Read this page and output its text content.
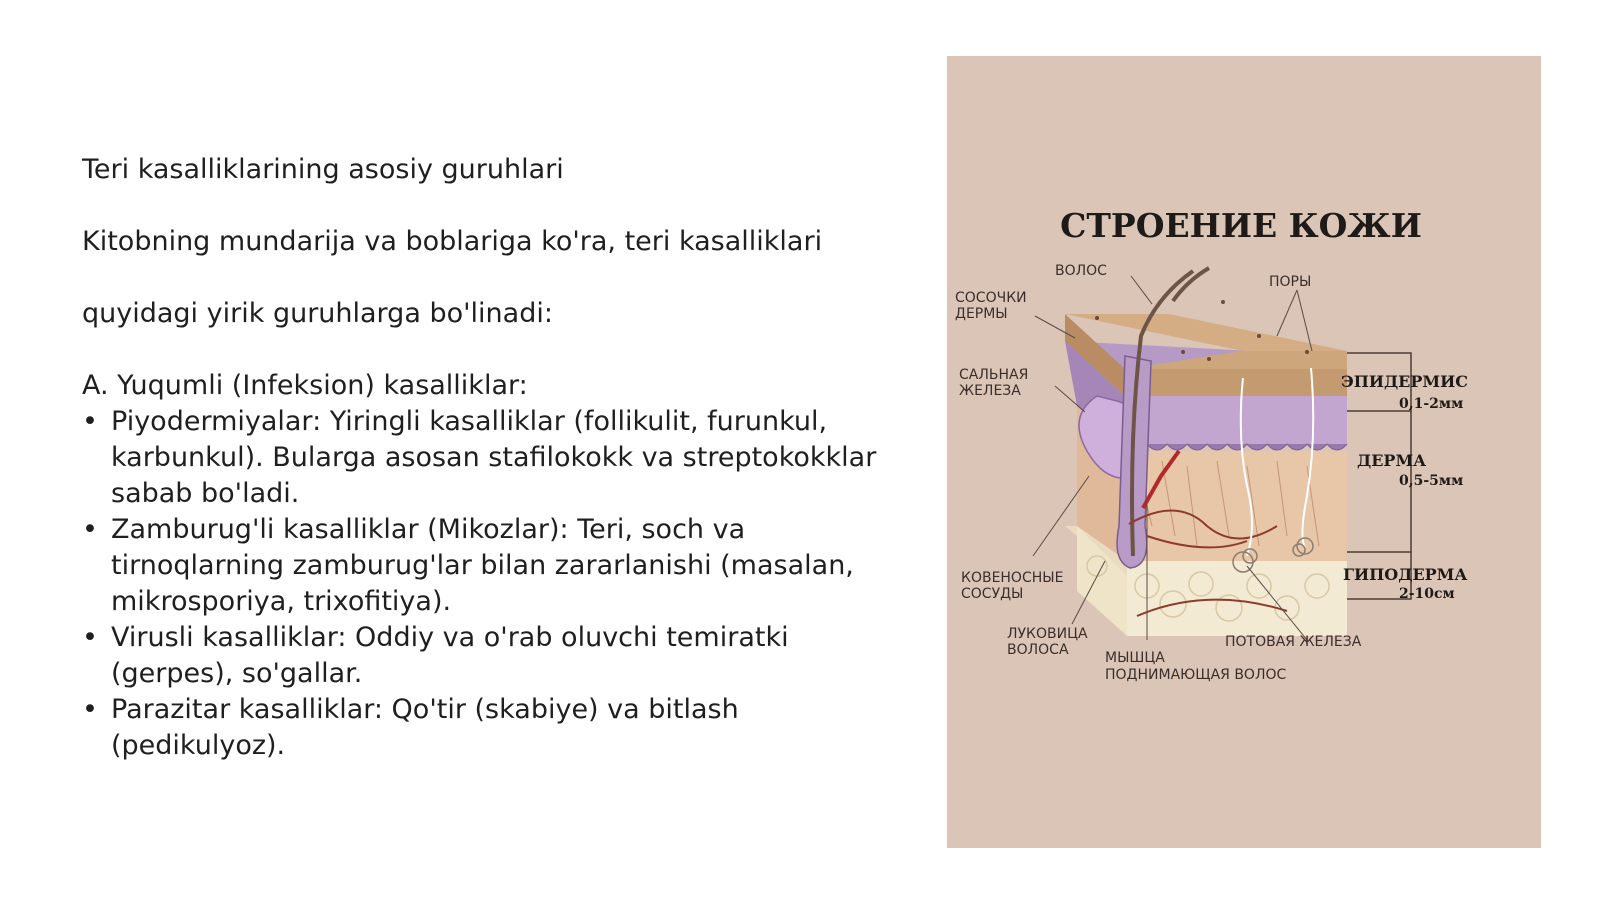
Teri kasalliklarining asosiy guruhlari

Kitobning mundarija va boblariga ko'ra, teri kasalliklari

quyidagi yirik guruhlarga bo'linadi:

A. Yuqumli (Infeksion) kasalliklar:

• Piyodermiyalar: Yiringli kasalliklar (follikulit, furunkul, karbunkul). Bularga asosan stafilokokk va streptokokklar sabab bo'ladi.
• Zamburug'li kasalliklar (Mikozlar): Teri, soch va tirnoqlarning zamburug'lar bilan zararlanishi (masalan, mikrosporiya, trixofitiya).
• Virusli kasalliklar: Oddiy va o'rab oluvchi temiratki (gerpes), so'gallar.
• Parazitar kasalliklar: Qo'tir (skabiye) va bitlash (pedikulyoz).
СТРОЕНИЕ КОЖИ
ВОЛОС
ПОРЫ
СОСОЧКИ
ДЕРМЫ
САЛЬНАЯ
ЖЕЛЕЗА
КОВЕНОСНЫЕ
СОСУДЫ
ЛУКОВИЦА
ВОЛОСА	МЫШЦА
ПОДНИМАЮЩАЯ ВОЛОС
ПОТОВАЯ ЖЕЛЕЗА
ЭПИДЕРМИС
0,1-2мм
ДЕРМА
0,5-5мм
ГИПОДЕРМА
2-10см
